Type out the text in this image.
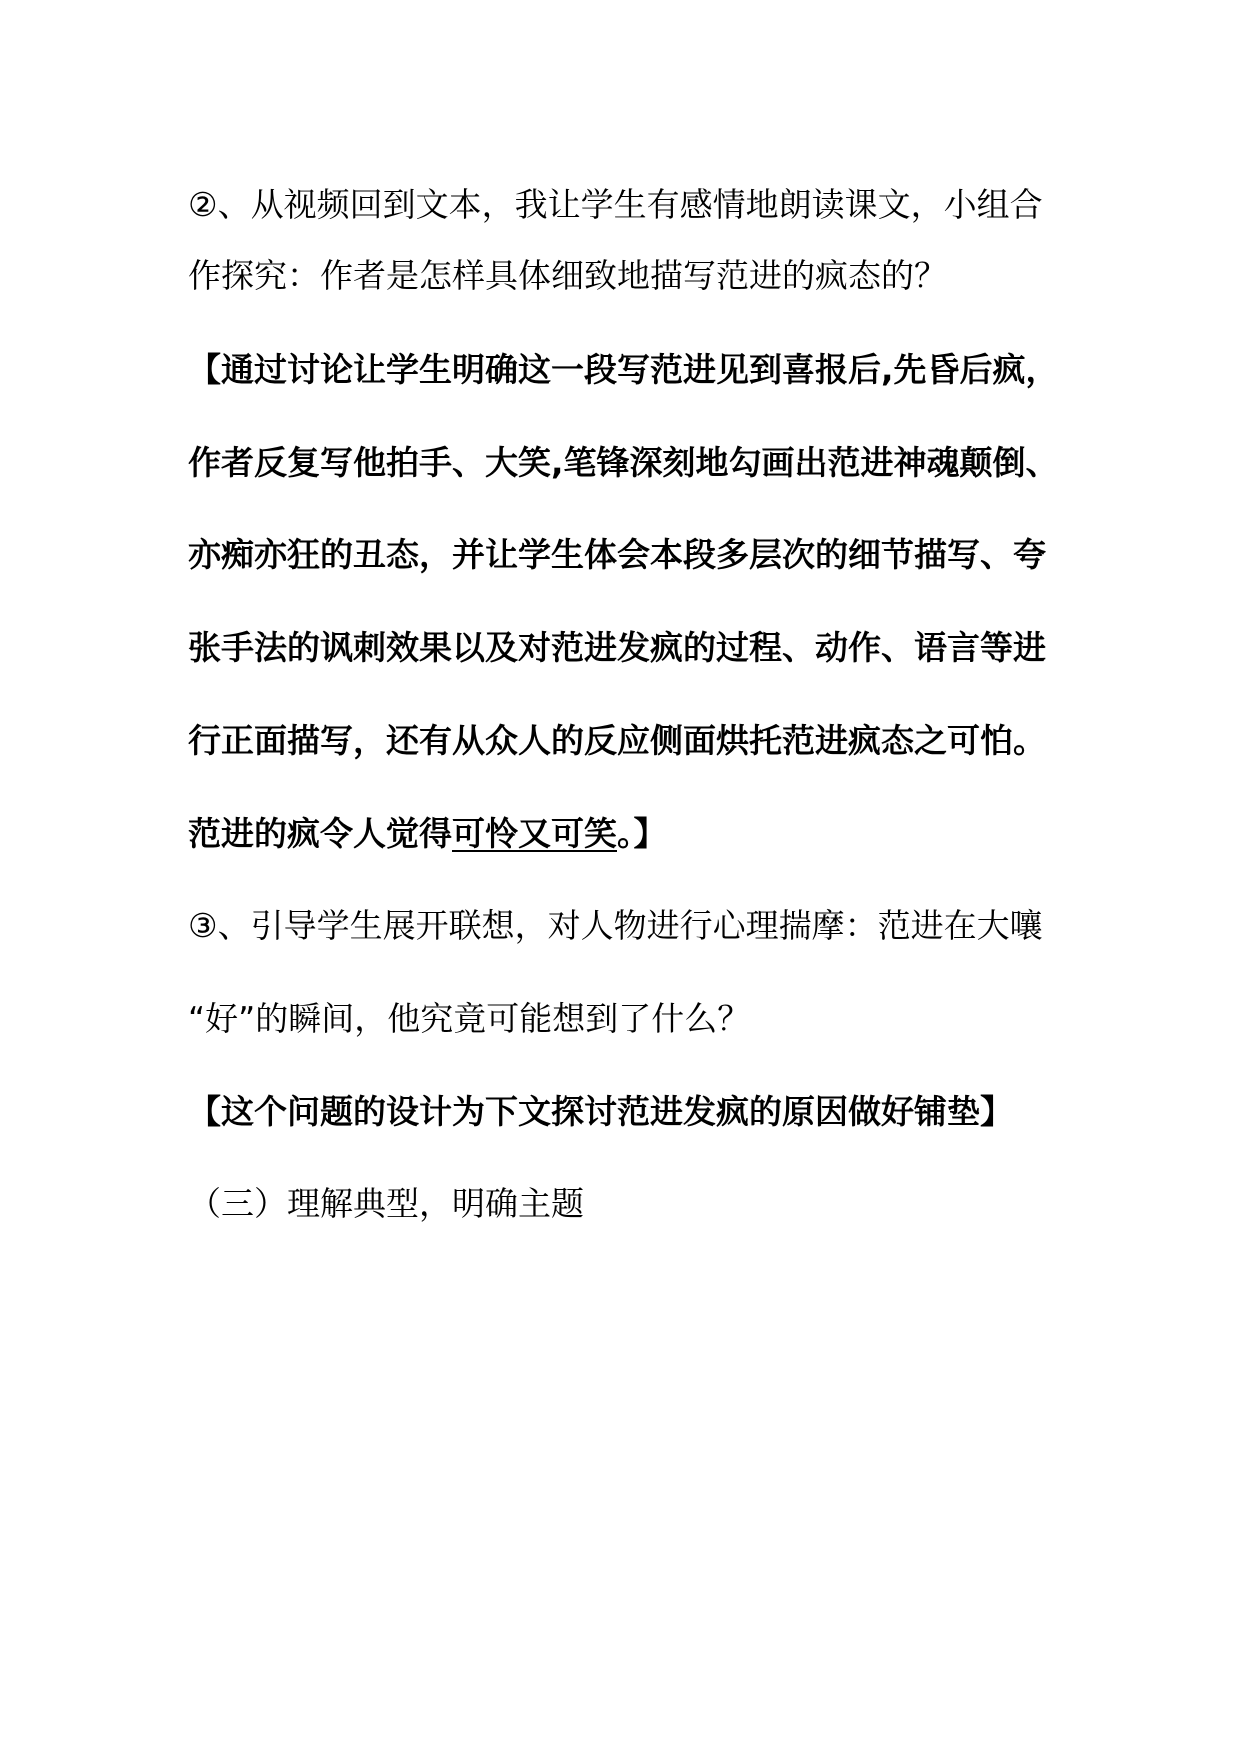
②、从视频回到文本，我让学生有感情地朗读课文，小组合
作探究：作者是怎样具体细致地描写范进的疯态的？
【通过讨论让学生明确这一段写范进见到喜报后,先昏后疯，
作者反复写他拍手、大笑,笔锋深刻地勾画出范进神魂颠倒、
亦痴亦狂的丑态，并让学生体会本段多层次的细节描写、夸
张手法的讽刺效果以及对范进发疯的过程、动作、语言等进
行正面描写，还有从众人的反应侧面烘托范进疯态之可怕。
范进的疯令人觉得可怜又可笑。】
③、引导学生展开联想，对人物进行心理揣摩：范进在大嚷
“好”的瞬间，他究竟可能想到了什么？
【这个问题的设计为下文探讨范进发疯的原因做好铺垫】
（三）理解典型，明确主题
